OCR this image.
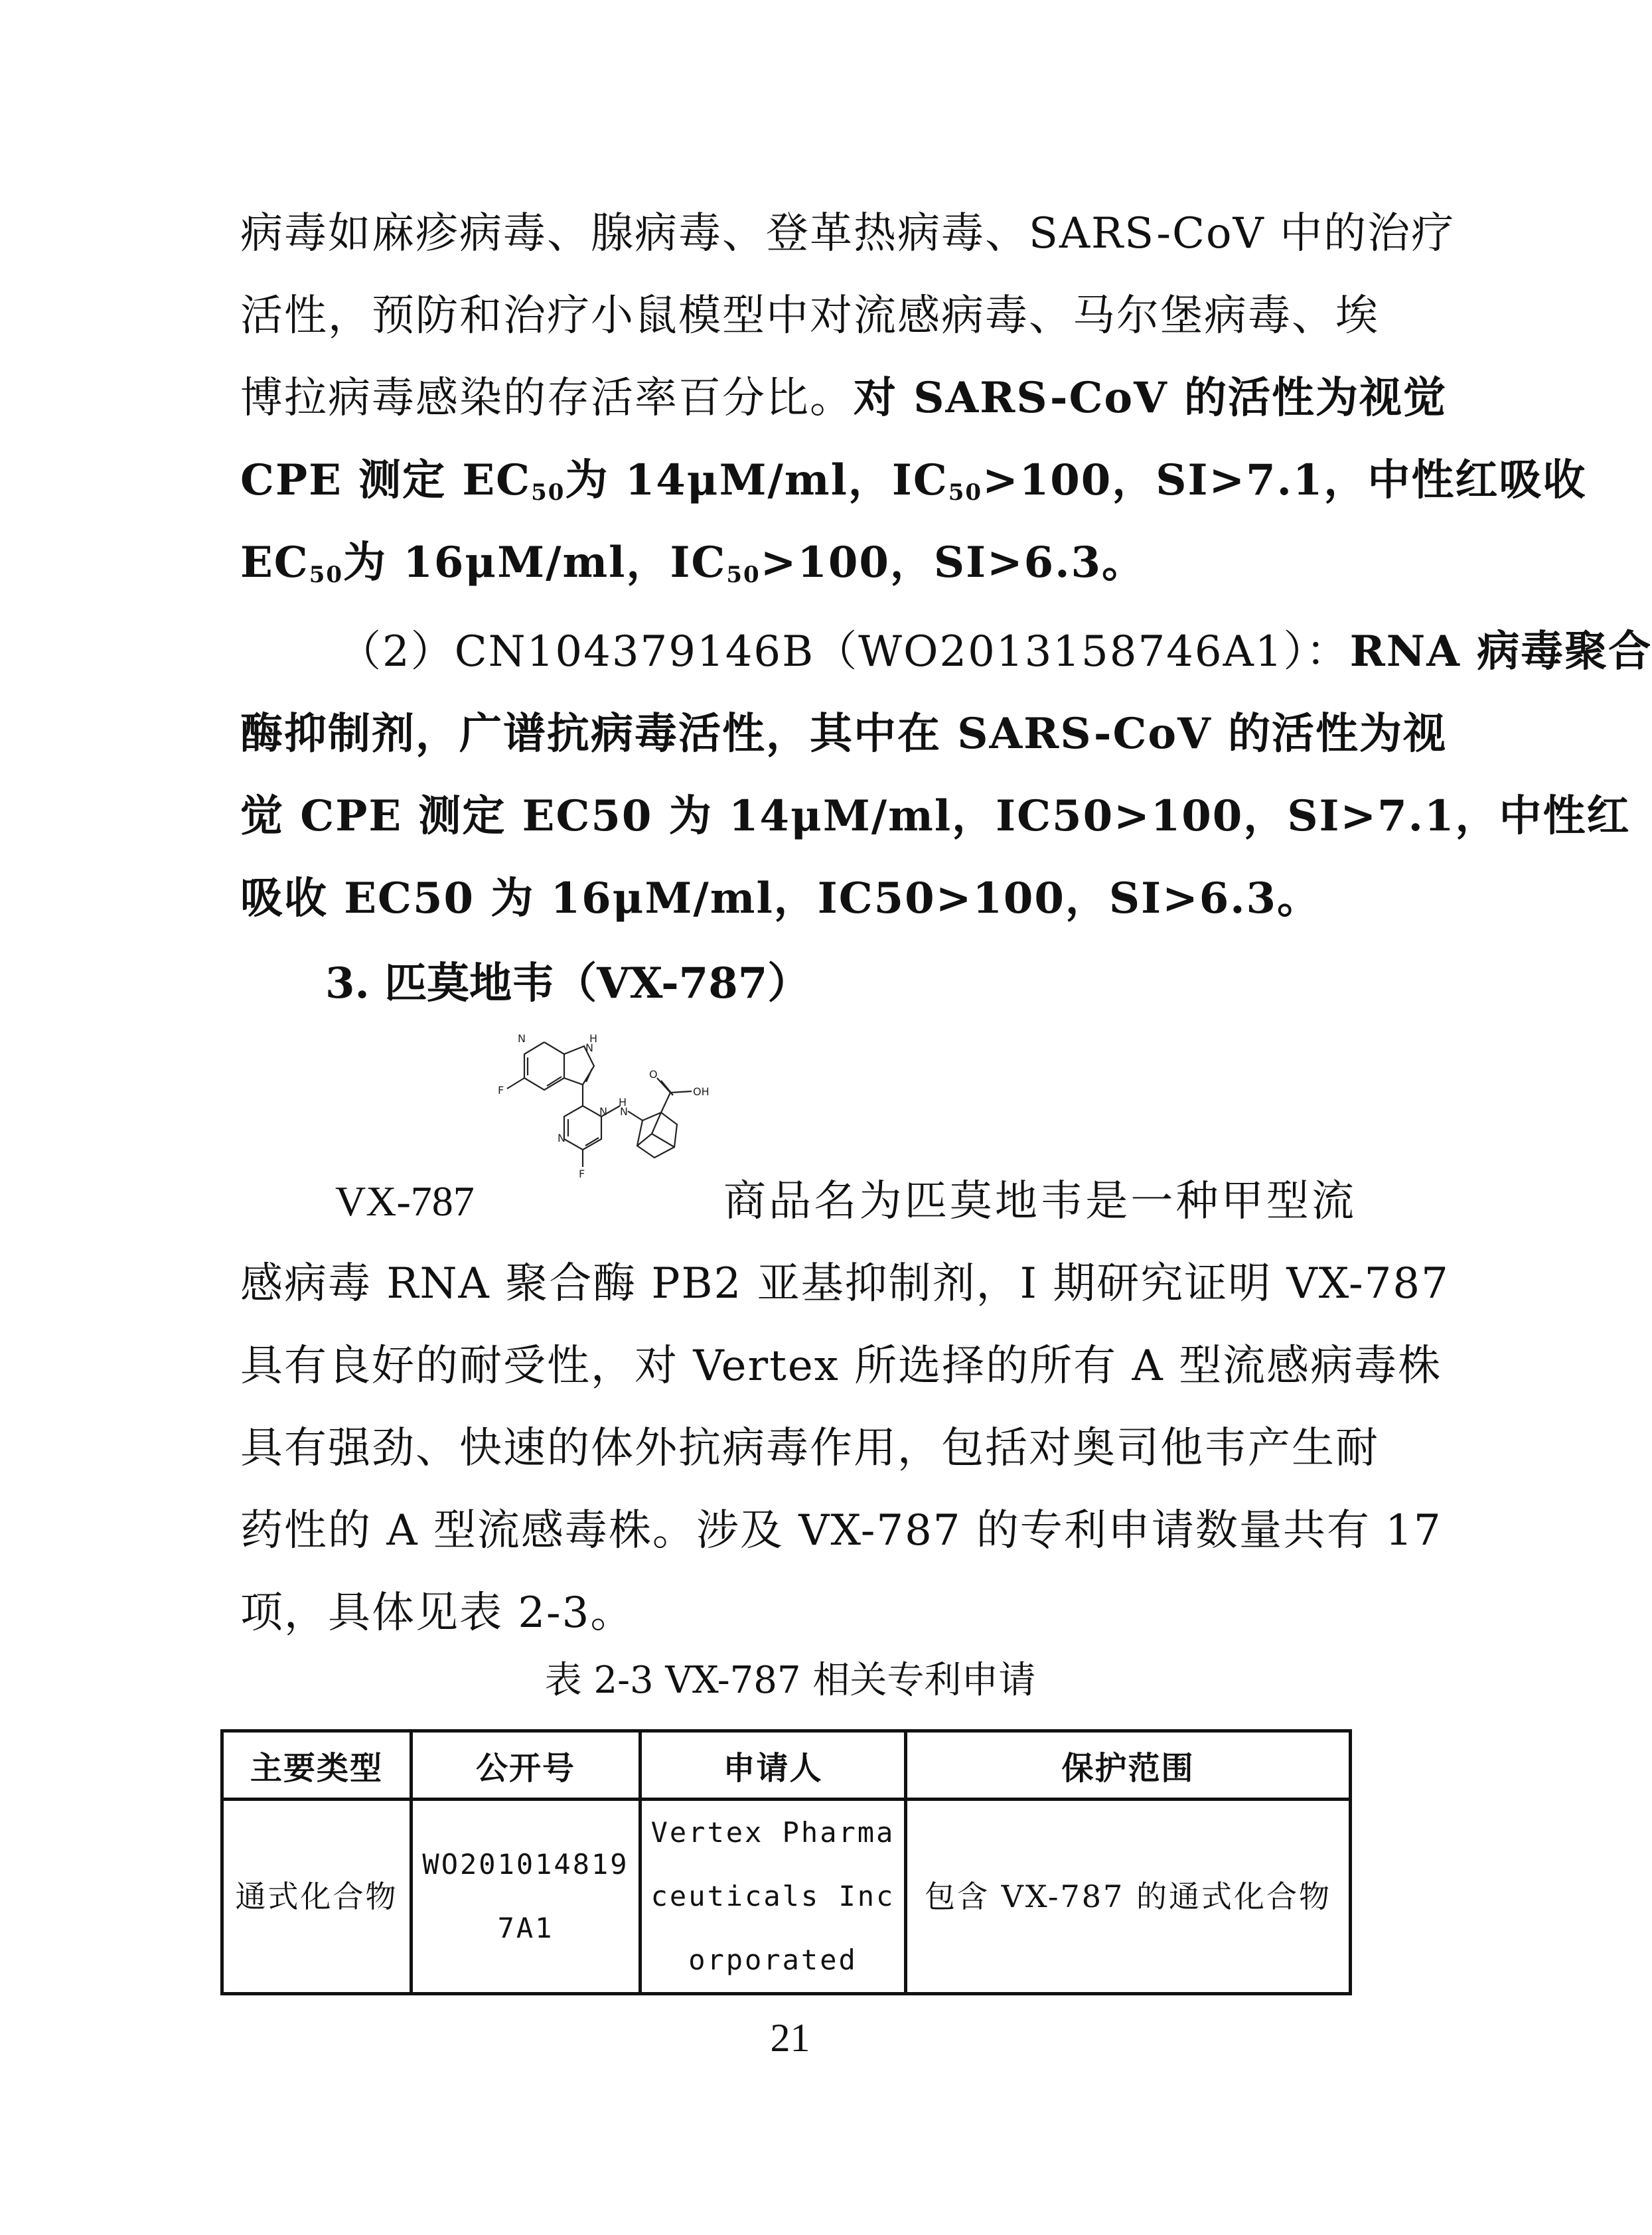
病毒如麻疹病毒、腺病毒、登革热病毒、SARS-CoV 中的治疗
活性，预防和治疗小鼠模型中对流感病毒、马尔堡病毒、埃
博拉病毒感染的存活率百分比。对 SARS-CoV 的活性为视觉
CPE 测定 $EC_{50}$为 14μM/ml，$IC_{50}>100$，SI>7.1，中性红吸收
$EC_{50}$为 16μM/ml，$IC_{50}>100$，SI>6.3。
（2）CN104379146B（WO2013158746A1）：RNA 病毒聚合
酶抑制剂，广谱抗病毒活性，其中在 SARS-CoV 的活性为视
觉 CPE 测定 EC50 为 14μM/ml，IC50>100，SI>7.1，中性红
吸收 EC50 为 16μM/ml，IC50>100，SI>6.3。
3. 匹莫地韦（VX-787）
N	H
N
F
N
N
H
N
F
O
OH
VX-787	商品名为匹莫地韦是一种甲型流
感病毒 RNA 聚合酶 PB2 亚基抑制剂，I 期研究证明 VX-787
具有良好的耐受性，对 Vertex 所选择的所有 A 型流感病毒株
具有强劲、快速的体外抗病毒作用，包括对奥司他韦产生耐
药性的 A 型流感毒株。涉及 VX-787 的专利申请数量共有 17
项，具体见表 2-3。
表 2-3 VX-787 相关专利申请
主要类型	公开号	申请人	保护范围
通式化合物	WO2010148197A1	Vertex Pharmaceuticals Incorporated	包含 VX-787 的通式化合物
21
